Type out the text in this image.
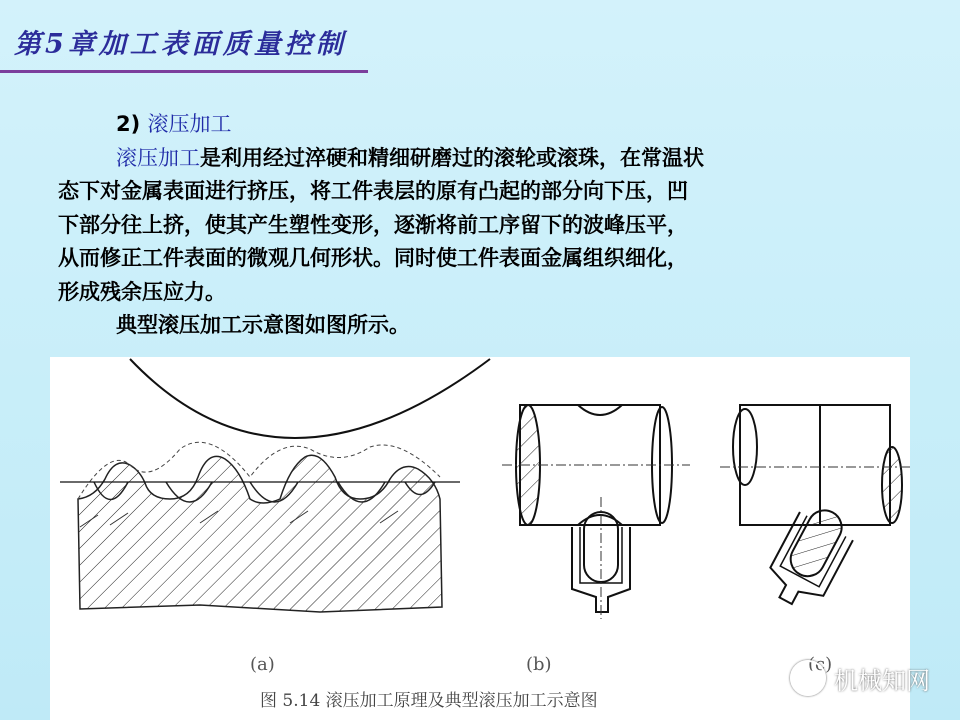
第5章加工表面质量控制

2) 滚压加工

滚压加工是利用经过淬硬和精细研磨过的滚轮或滚珠，在常温状

态下对金属表面进行挤压，将工件表层的原有凸起的部分向下压，凹

下部分往上挤，使其产生塑性变形，逐渐将前工序留下的波峰压平，

从而修正工件表面的微观几何形状。同时使工件表面金属组织细化，

形成残余压应力。

典型滚压加工示意图如图所示。

(a)	(b)	(c)
图 5.14 滚压加工原理及典型滚压加工示意图
机械知网
